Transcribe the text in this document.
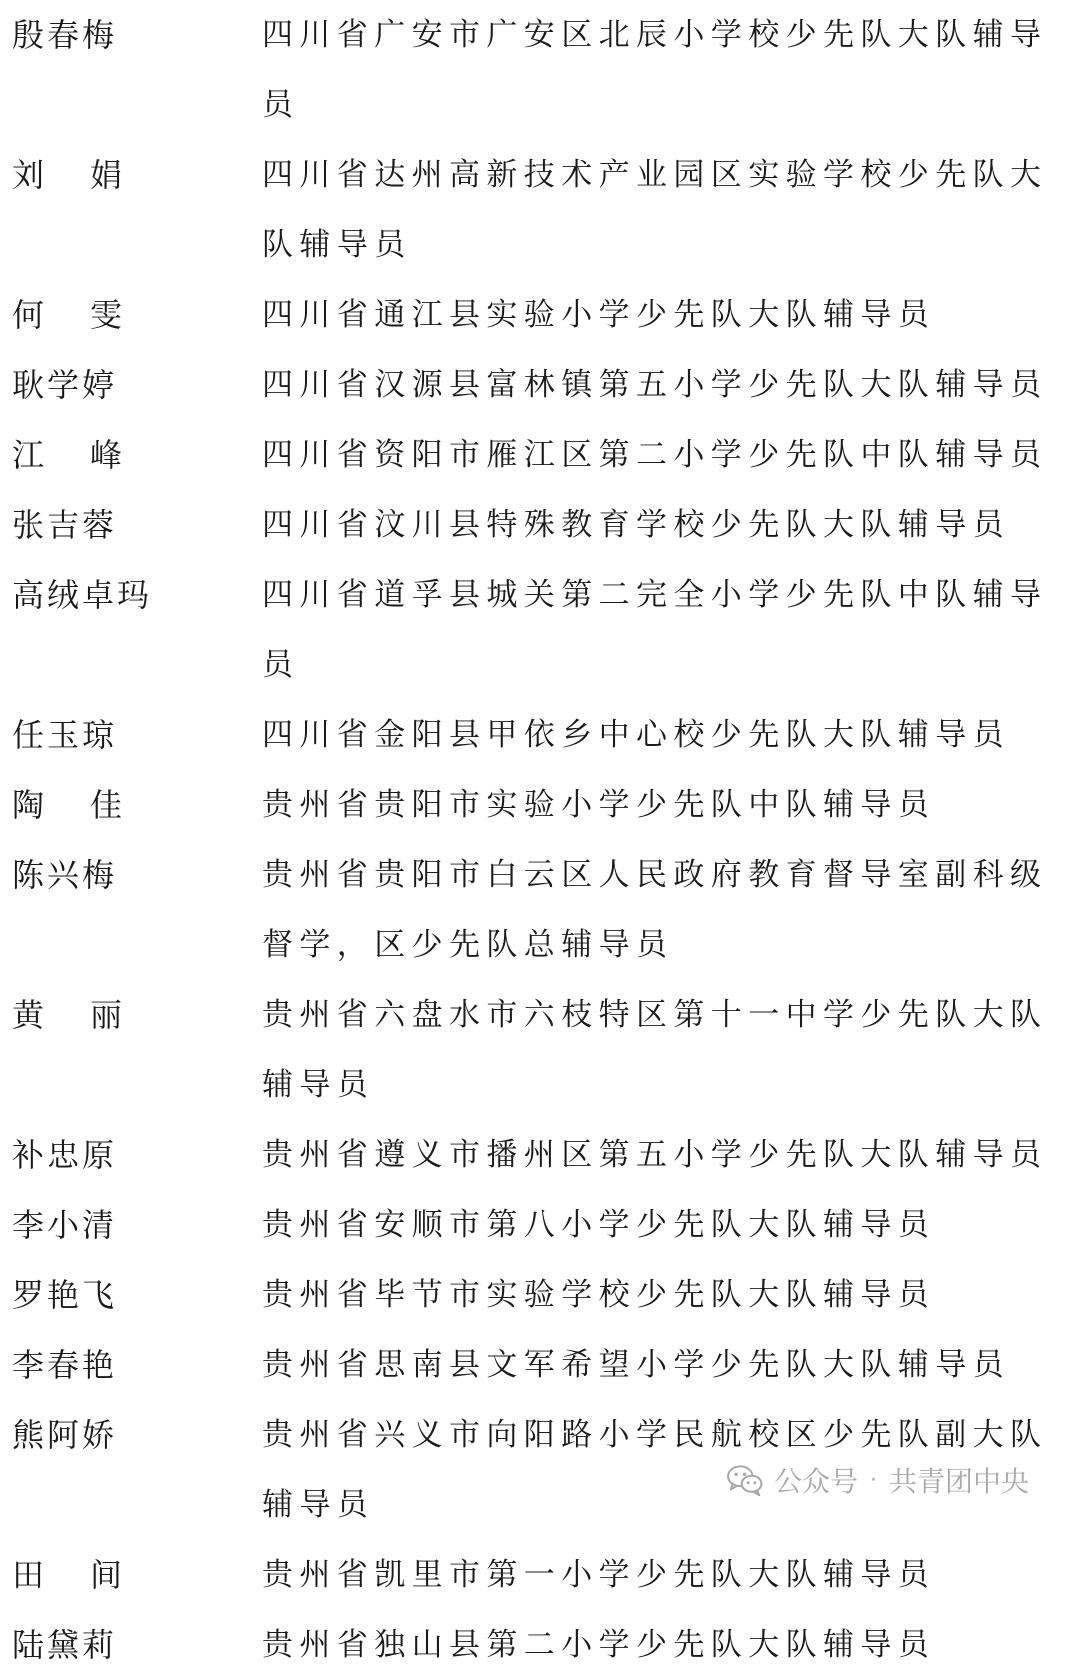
殷春梅	四川省广安市广安区北辰小学校少先队大队辅导员
刘 娟	四川省达州高新技术产业园区实验学校少先队大队辅导员
何 雯	四川省通江县实验小学少先队大队辅导员
耿学婷	四川省汉源县富林镇第五小学少先队大队辅导员
江 峰	四川省资阳市雁江区第二小学少先队中队辅导员
张吉蓉	四川省汶川县特殊教育学校少先队大队辅导员
高绒卓玛	四川省道孚县城关第二完全小学少先队中队辅导员
任玉琼	四川省金阳县甲依乡中心校少先队大队辅导员
陶 佳	贵州省贵阳市实验小学少先队中队辅导员
陈兴梅	贵州省贵阳市白云区人民政府教育督导室副科级督学，区少先队总辅导员
黄 丽	贵州省六盘水市六枝特区第十一中学少先队大队辅导员
补忠原	贵州省遵义市播州区第五小学少先队大队辅导员
李小清	贵州省安顺市第八小学少先队大队辅导员
罗艳飞	贵州省毕节市实验学校少先队大队辅导员
李春艳	贵州省思南县文军希望小学少先队大队辅导员
熊阿娇	贵州省兴义市向阳路小学民航校区少先队副大队辅导员
田 间	贵州省凯里市第一小学少先队大队辅导员
陆黛莉	贵州省独山县第二小学少先队大队辅导员
公众号 · 共青团中央
